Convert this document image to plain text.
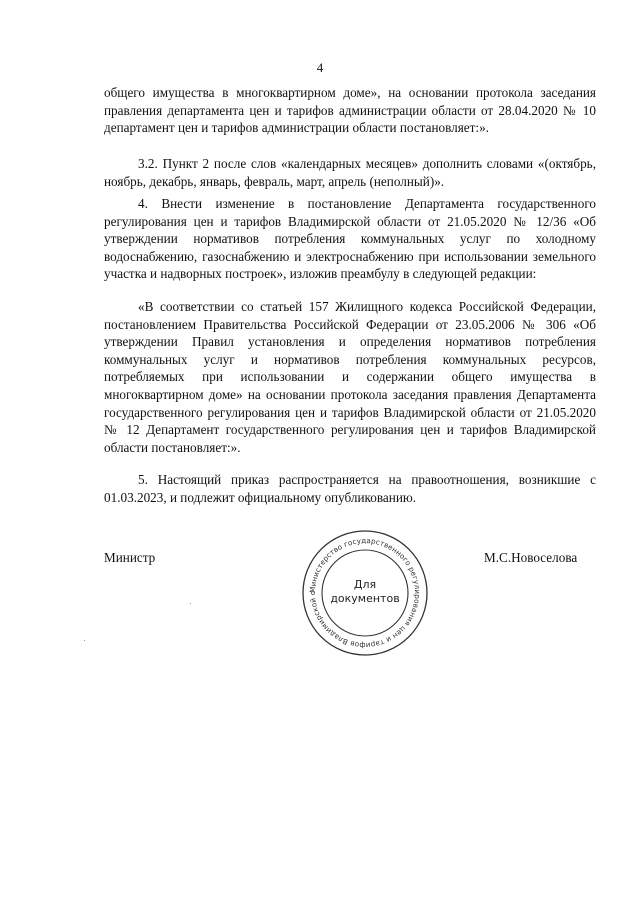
4

общего имущества в многоквартирном доме», на основании протокола заседания правления департамента цен и тарифов администрации области от 28.04.2020 № 10 департамент цен и тарифов администрации области постановляет:».

3.2. Пункт 2 после слов «календарных месяцев» дополнить словами «(октябрь, ноябрь, декабрь, январь, февраль, март, апрель (неполный)».

4. Внести изменение в постановление Департамента государственного регулирования цен и тарифов Владимирской области от 21.05.2020 № 12/36 «Об утверждении нормативов потребления коммунальных услуг по холодному водоснабжению, газоснабжению и электроснабжению при использовании земельного участка и надворных построек», изложив преамбулу в следующей редакции:

«В соответствии со статьей 157 Жилищного кодекса Российской Федерации, постановлением Правительства Российской Федерации от 23.05.2006 № 306 «Об утверждении Правил установления и определения нормативов потребления коммунальных услуг и нормативов потребления коммунальных ресурсов, потребляемых при использовании и содержании общего имущества в многоквартирном доме» на основании протокола заседания правления Департамента государственного регулирования цен и тарифов Владимирской области от 21.05.2020 № 12 Департамент государственного регулирования цен и тарифов Владимирской области постановляет:».

5. Настоящий приказ распространяется на правоотношения, возникшие с 01.03.2023, и подлежит официальному опубликованию.

Министр	М.С.Новоселова
Министерство государственного регулирования цен и тарифов Владимирской о
Для
документов
